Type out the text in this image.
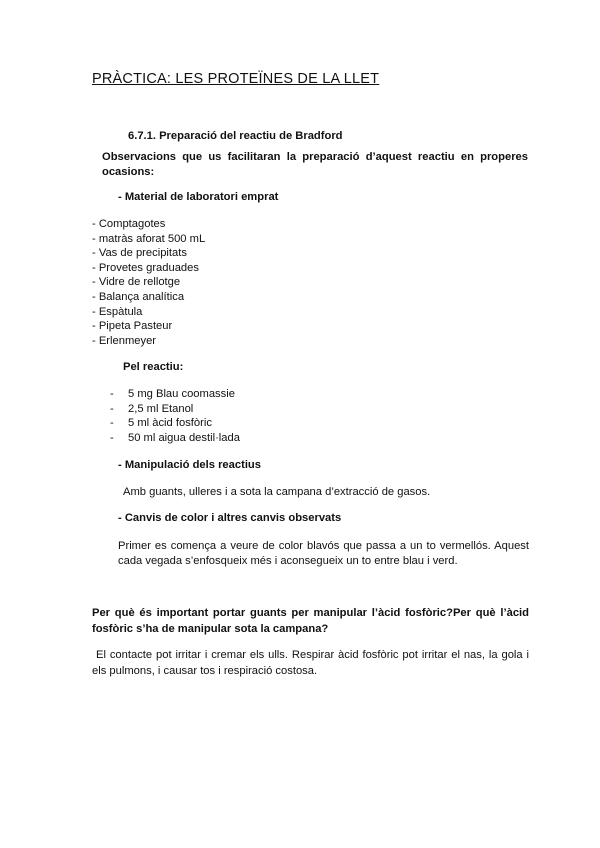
PRÀCTICA: LES PROTEÏNES DE LA LLET
6.7.1. Preparació del reactiu de Bradford
Observacions que us facilitaran la preparació d’aquest reactiu en properes ocasions:
- Material de laboratori emprat
- Comptagotes
- matràs aforat 500 mL
- Vas de precipitats
- Provetes graduades
- Vidre de rellotge
- Balança analítica
- Espàtula
- Pipeta Pasteur
- Erlenmeyer
Pel reactiu:
- 5 mg Blau coomassie
- 2,5 ml Etanol
- 5 ml àcid fosfòric
- 50 ml aigua destil·lada
- Manipulació dels reactius
Amb guants, ulleres i a sota la campana d’extracció de gasos.
- Canvis de color i altres canvis observats
Primer es comença a veure de color blavós que passa a un to vermellós. Aquest cada vegada s’enfosqueix més i aconsegueix un to entre blau i verd.
Per què és important portar guants per manipular l’àcid fosfòric?Per què l’àcid fosfòric s’ha de manipular sota la campana?
El contacte pot irritar i cremar els ulls. Respirar àcid fosfòric pot irritar el nas, la gola i els pulmons, i causar tos i respiració costosa.
